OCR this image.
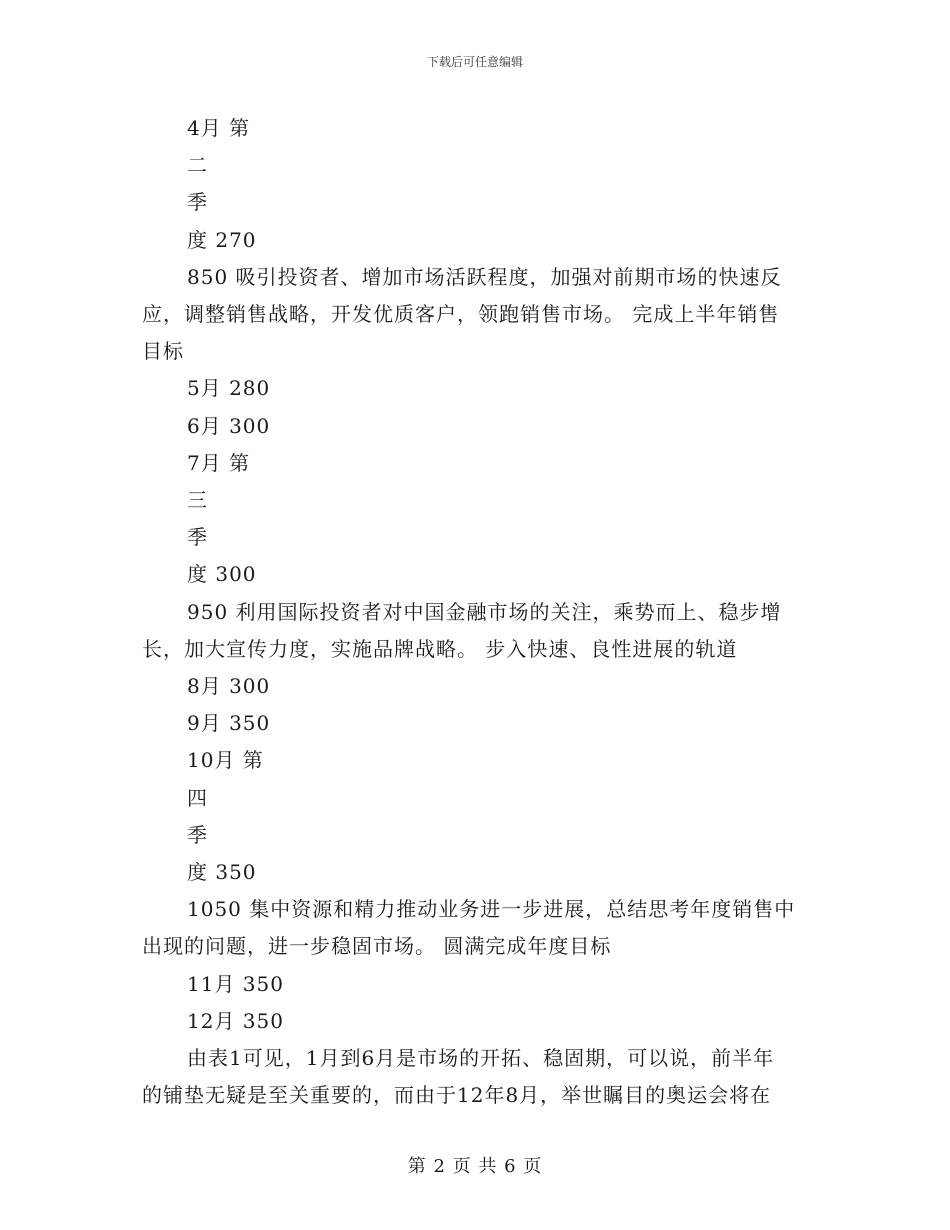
下载后可任意编辑

4月 第

二

季

度 270

850 吸引投资者、增加市场活跃程度，加强对前期市场的快速反

应，调整销售战略，开发优质客户，领跑销售市场。 完成上半年销售

目标

5月 280

6月 300

7月 第

三

季

度 300

950 利用国际投资者对中国金融市场的关注，乘势而上、稳步增

长，加大宣传力度，实施品牌战略。 步入快速、良性进展的轨道

8月 300

9月 350

10月 第

四

季

度 350

1050 集中资源和精力推动业务进一步进展，总结思考年度销售中

出现的问题，进一步稳固市场。 圆满完成年度目标

11月 350

12月 350

由表1可见，1月到6月是市场的开拓、稳固期，可以说，前半年

的铺垫无疑是至关重要的，而由于12年8月，举世瞩目的奥运会将在

第 2 页 共 6 页
